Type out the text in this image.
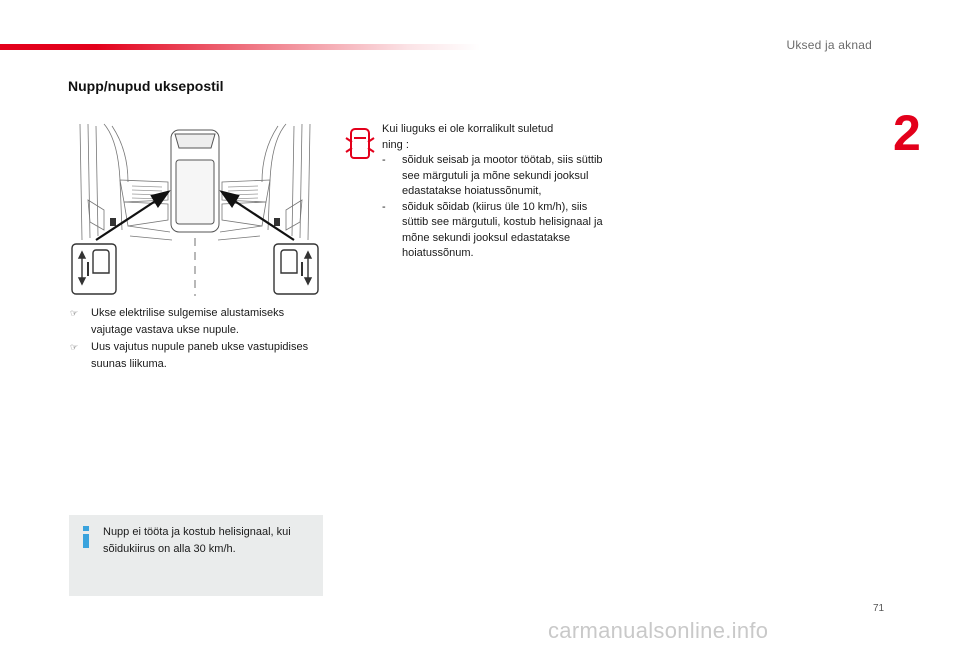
Uksed ja aknad
2
Nupp/nupud uksepostil

☞ Ukse elektrilise sulgemise alustamiseks vajutage vastava ukse nupule.

☞ Uus vajutus nupule paneb ukse vastupidises suunas liikuma.

Nupp ei tööta ja kostub helisignaal, kui sõidukiirus on alla 30 km/h.

Kui liuguks ei ole korralikult suletud

ning :

- sõiduk seisab ja mootor töötab, siis süttib see märgutuli ja mõne sekundi jooksul edastatakse hoiatussõnumit,

- sõiduk sõidab (kiirus üle 10 km/h), siis süttib see märgutuli, kostub helisignaal ja mõne sekundi jooksul edastatakse hoiatussõnum.

71
carmanualsonline.info
